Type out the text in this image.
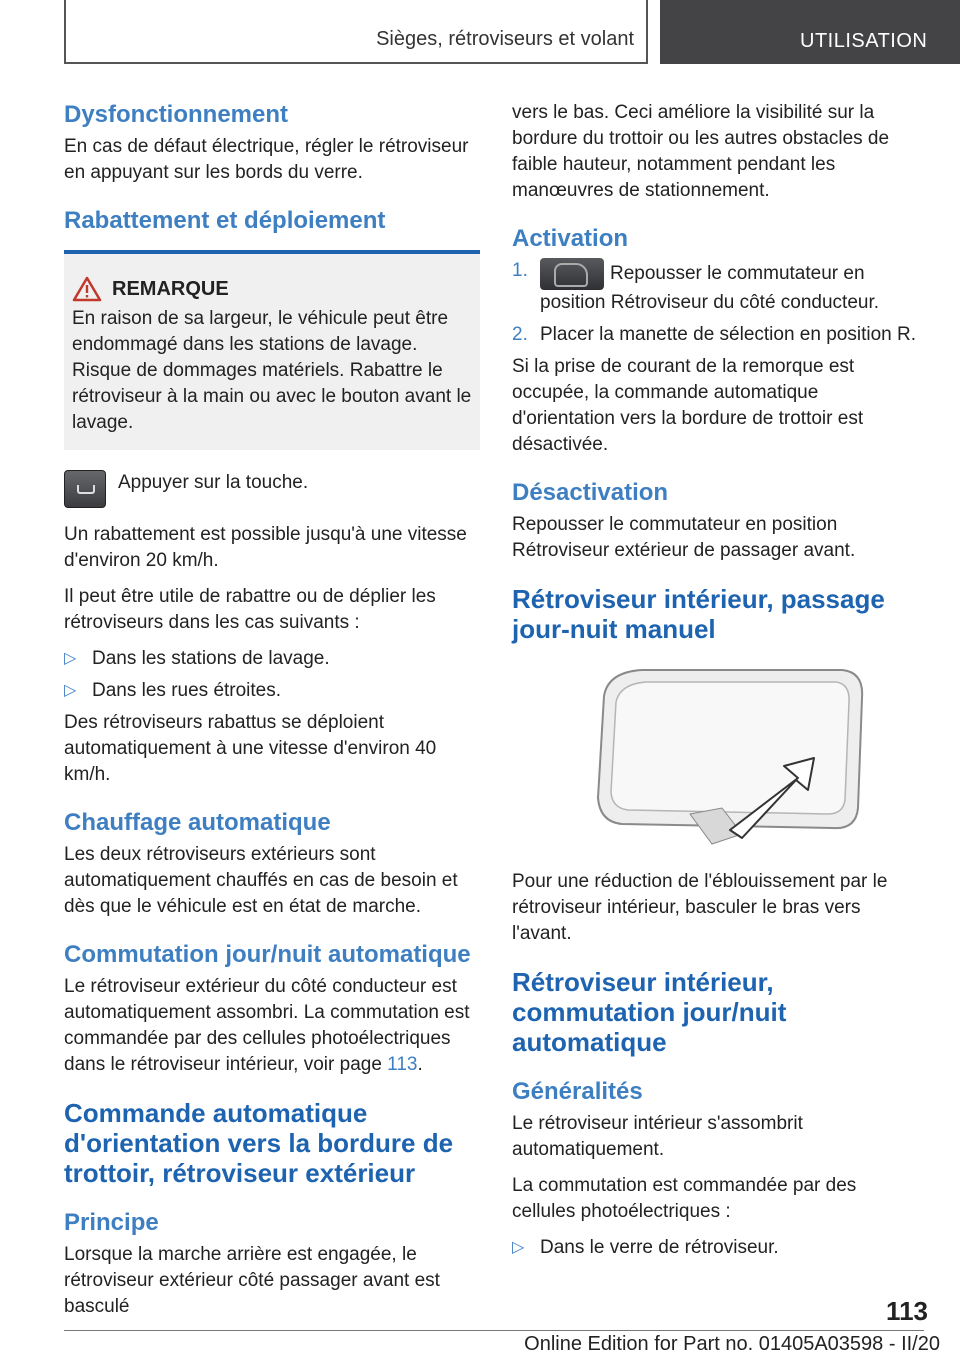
Sièges, rétroviseurs et volant	UTILISATION
Dysfonctionnement

En cas de défaut électrique, régler le rétroviseur en appuyant sur les bords du verre.

Rabattement et déploiement
REMARQUE

En raison de sa largeur, le véhicule peut être endommagé dans les stations de lavage. Risque de dommages matériels. Rabattre le rétroviseur à la main ou avec le bouton avant le lavage.

Appuyer sur la touche.

Un rabattement est possible jusqu'à une vitesse d'environ 20 km/h.

Il peut être utile de rabattre ou de déplier les rétroviseurs dans les cas suivants :

▷ Dans les stations de lavage.
▷ Dans les rues étroites.

Des rétroviseurs rabattus se déploient automatiquement à une vitesse d'environ 40 km/h.

Chauffage automatique

Les deux rétroviseurs extérieurs sont automatiquement chauffés en cas de besoin et dès que le véhicule est en état de marche.

Commutation jour/nuit automatique

Le rétroviseur extérieur du côté conducteur est automatiquement assombri. La commutation est commandée par des cellules photoélectriques dans le rétroviseur intérieur, voir page 113.

Commande automatique d'orientation vers la bordure de trottoir, rétroviseur extérieur
Principe

Lorsque la marche arrière est engagée, le rétroviseur extérieur côté passager avant est basculé

vers le bas. Ceci améliore la visibilité sur la bordure du trottoir ou les autres obstacles de faible hauteur, notamment pendant les manœuvres de stationnement.

Activation
1.	Repousser le commutateur en position Rétroviseur du côté conducteur.
2. Placer la manette de sélection en position R.

Si la prise de courant de la remorque est occupée, la commande automatique d'orientation vers la bordure de trottoir est désactivée.

Désactivation

Repousser le commutateur en position Rétroviseur extérieur de passager avant.

Rétroviseur intérieur, passage jour-nuit manuel

Pour une réduction de l'éblouissement par le rétroviseur intérieur, basculer le bras vers l'avant.

Rétroviseur intérieur, commutation jour/nuit automatique
Généralités

Le rétroviseur intérieur s'assombrit automatiquement.

La commutation est commandée par des cellules photoélectriques :

▷ Dans le verre de rétroviseur.
113
Online Edition for Part no. 01405A03598 - II/20
